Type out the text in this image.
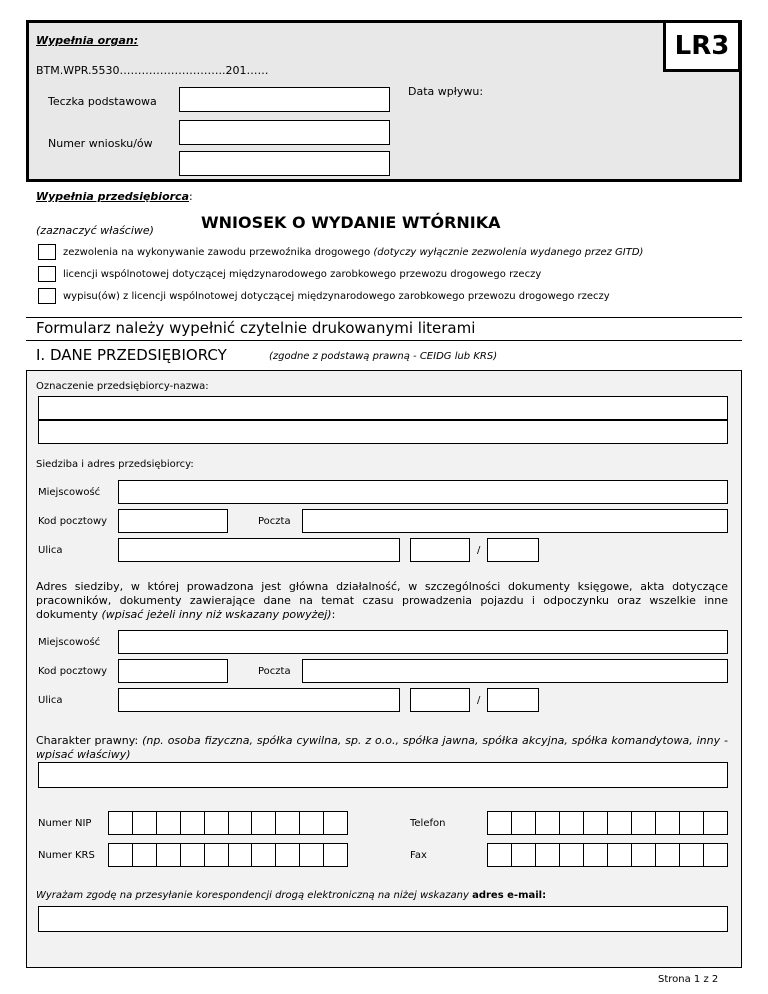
LR3
Wypełnia organ:
BTM.WPR.5530………………………..201……
Teczka podstawowa
Data wpływu:
Numer wniosku/ów
Wypełnia przedsiębiorca:
(zaznaczyć właściwe)	WNIOSEK O WYDANIE WTÓRNIKA
zezwolenia na wykonywanie zawodu przewoźnika drogowego (dotyczy wyłącznie zezwolenia wydanego przez GITD)
licencji wspólnotowej dotyczącej międzynarodowego zarobkowego przewozu drogowego rzeczy
wypisu(ów) z licencji wspólnotowej dotyczącej międzynarodowego zarobkowego przewozu drogowego rzeczy
Formularz należy wypełnić czytelnie drukowanymi literami
I. DANE PRZEDSIĘBIORCY	(zgodne z podstawą prawną - CEIDG lub KRS)
Oznaczenie przedsiębiorcy-nazwa:
Siedziba i adres przedsiębiorcy:
Miejscowość
Kod pocztowy	Poczta
Ulica	/
Adres siedziby, w której prowadzona jest główna działalność, w szczególności dokumenty księgowe, akta dotyczące pracowników, dokumenty zawierające dane na temat czasu prowadzenia pojazdu i odpoczynku oraz wszelkie inne dokumenty (wpisać jeżeli inny niż wskazany powyżej):
Miejscowość
Kod pocztowy	Poczta
Ulica	/
Charakter prawny: (np. osoba fizyczna, spółka cywilna, sp. z o.o., spółka jawna, spółka akcyjna, spółka komandytowa, inny - wpisać właściwy)
Numer NIP	Telefon
Numer KRS	Fax
Wyrażam zgodę na przesyłanie korespondencji drogą elektroniczną na niżej wskazany adres e-mail:
Strona 1 z 2
